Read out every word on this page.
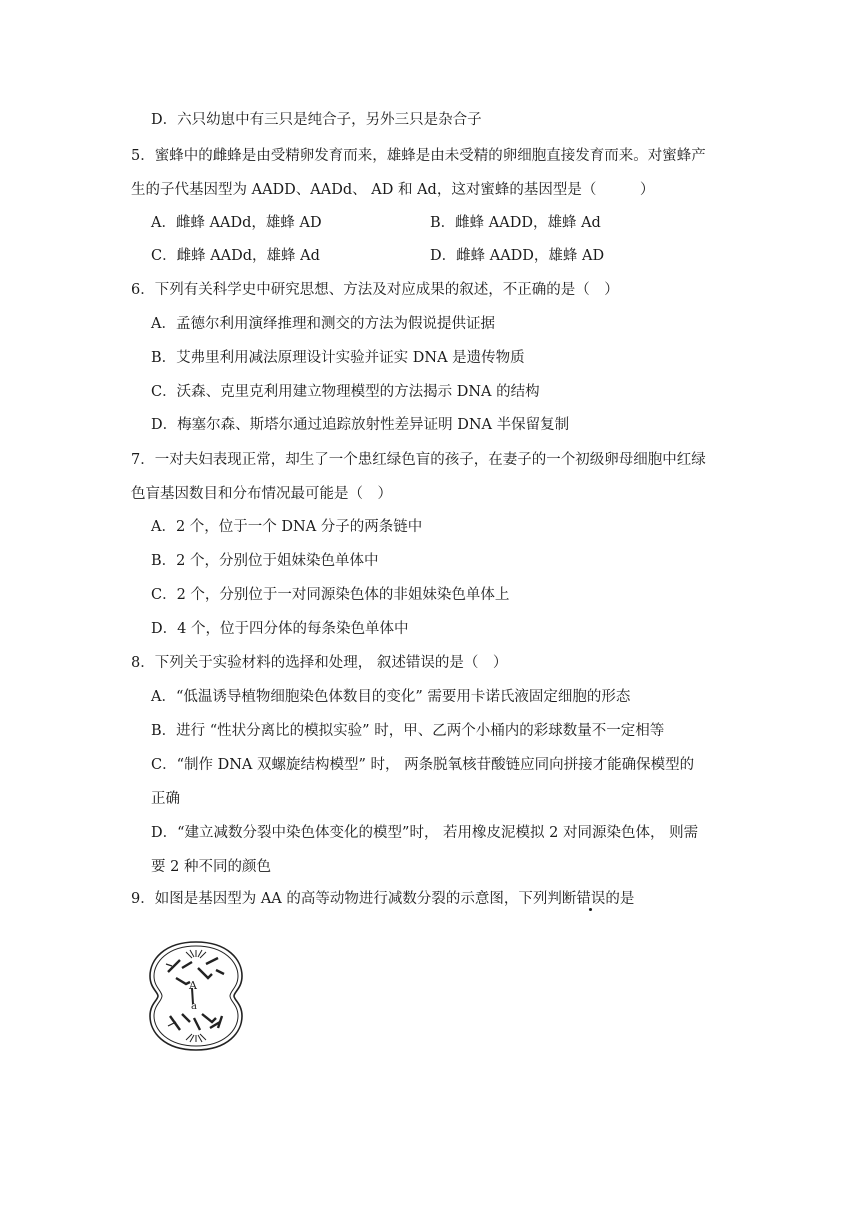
D．六只幼崽中有三只是纯合子，另外三只是杂合子
5．蜜蜂中的雌蜂是由受精卵发育而来，雄蜂是由未受精的卵细胞直接发育而来。对蜜蜂产
生的子代基因型为 AADD、AADd、 AD 和 Ad，这对蜜蜂的基因型是（　　　）
A．雌蜂 AADd，雄蜂 AD	B．雌蜂 AADD，雄蜂 Ad
C．雌蜂 AADd，雄蜂 Ad	D．雌蜂 AADD，雄蜂 AD
6．下列有关科学史中研究思想、方法及对应成果的叙述，不正确的是（　）
A．孟德尔利用演绎推理和测交的方法为假说提供证据
B．艾弗里利用减法原理设计实验并证实 DNA 是遗传物质
C．沃森、克里克利用建立物理模型的方法揭示 DNA 的结构
D．梅塞尔森、斯塔尔通过追踪放射性差异证明 DNA 半保留复制
7．一对夫妇表现正常，却生了一个患红绿色盲的孩子，在妻子的一个初级卵母细胞中红绿
色盲基因数目和分布情况最可能是（　）
A．2 个，位于一个 DNA 分子的两条链中
B．2 个，分别位于姐妹染色单体中
C．2 个，分别位于一对同源染色体的非姐妹染色单体上
D．4 个，位于四分体的每条染色单体中
8．下列关于实验材料的选择和处理， 叙述错误的是（　）
A．“低温诱导植物细胞染色体数目的变化” 需要用卡诺氏液固定细胞的形态
B．进行 “性状分离比的模拟实验” 时，甲、乙两个小桶内的彩球数量不一定相等
C．“制作 DNA 双螺旋结构模型” 时， 两条脱氧核苷酸链应同向拼接才能确保模型的
正确
D．“建立减数分裂中染色体变化的模型”时， 若用橡皮泥模拟 2 对同源染色体， 则需
要 2 种不同的颜色
9．如图是基因型为 AA 的高等动物进行减数分裂的示意图，下列判断错误的是
A
a
